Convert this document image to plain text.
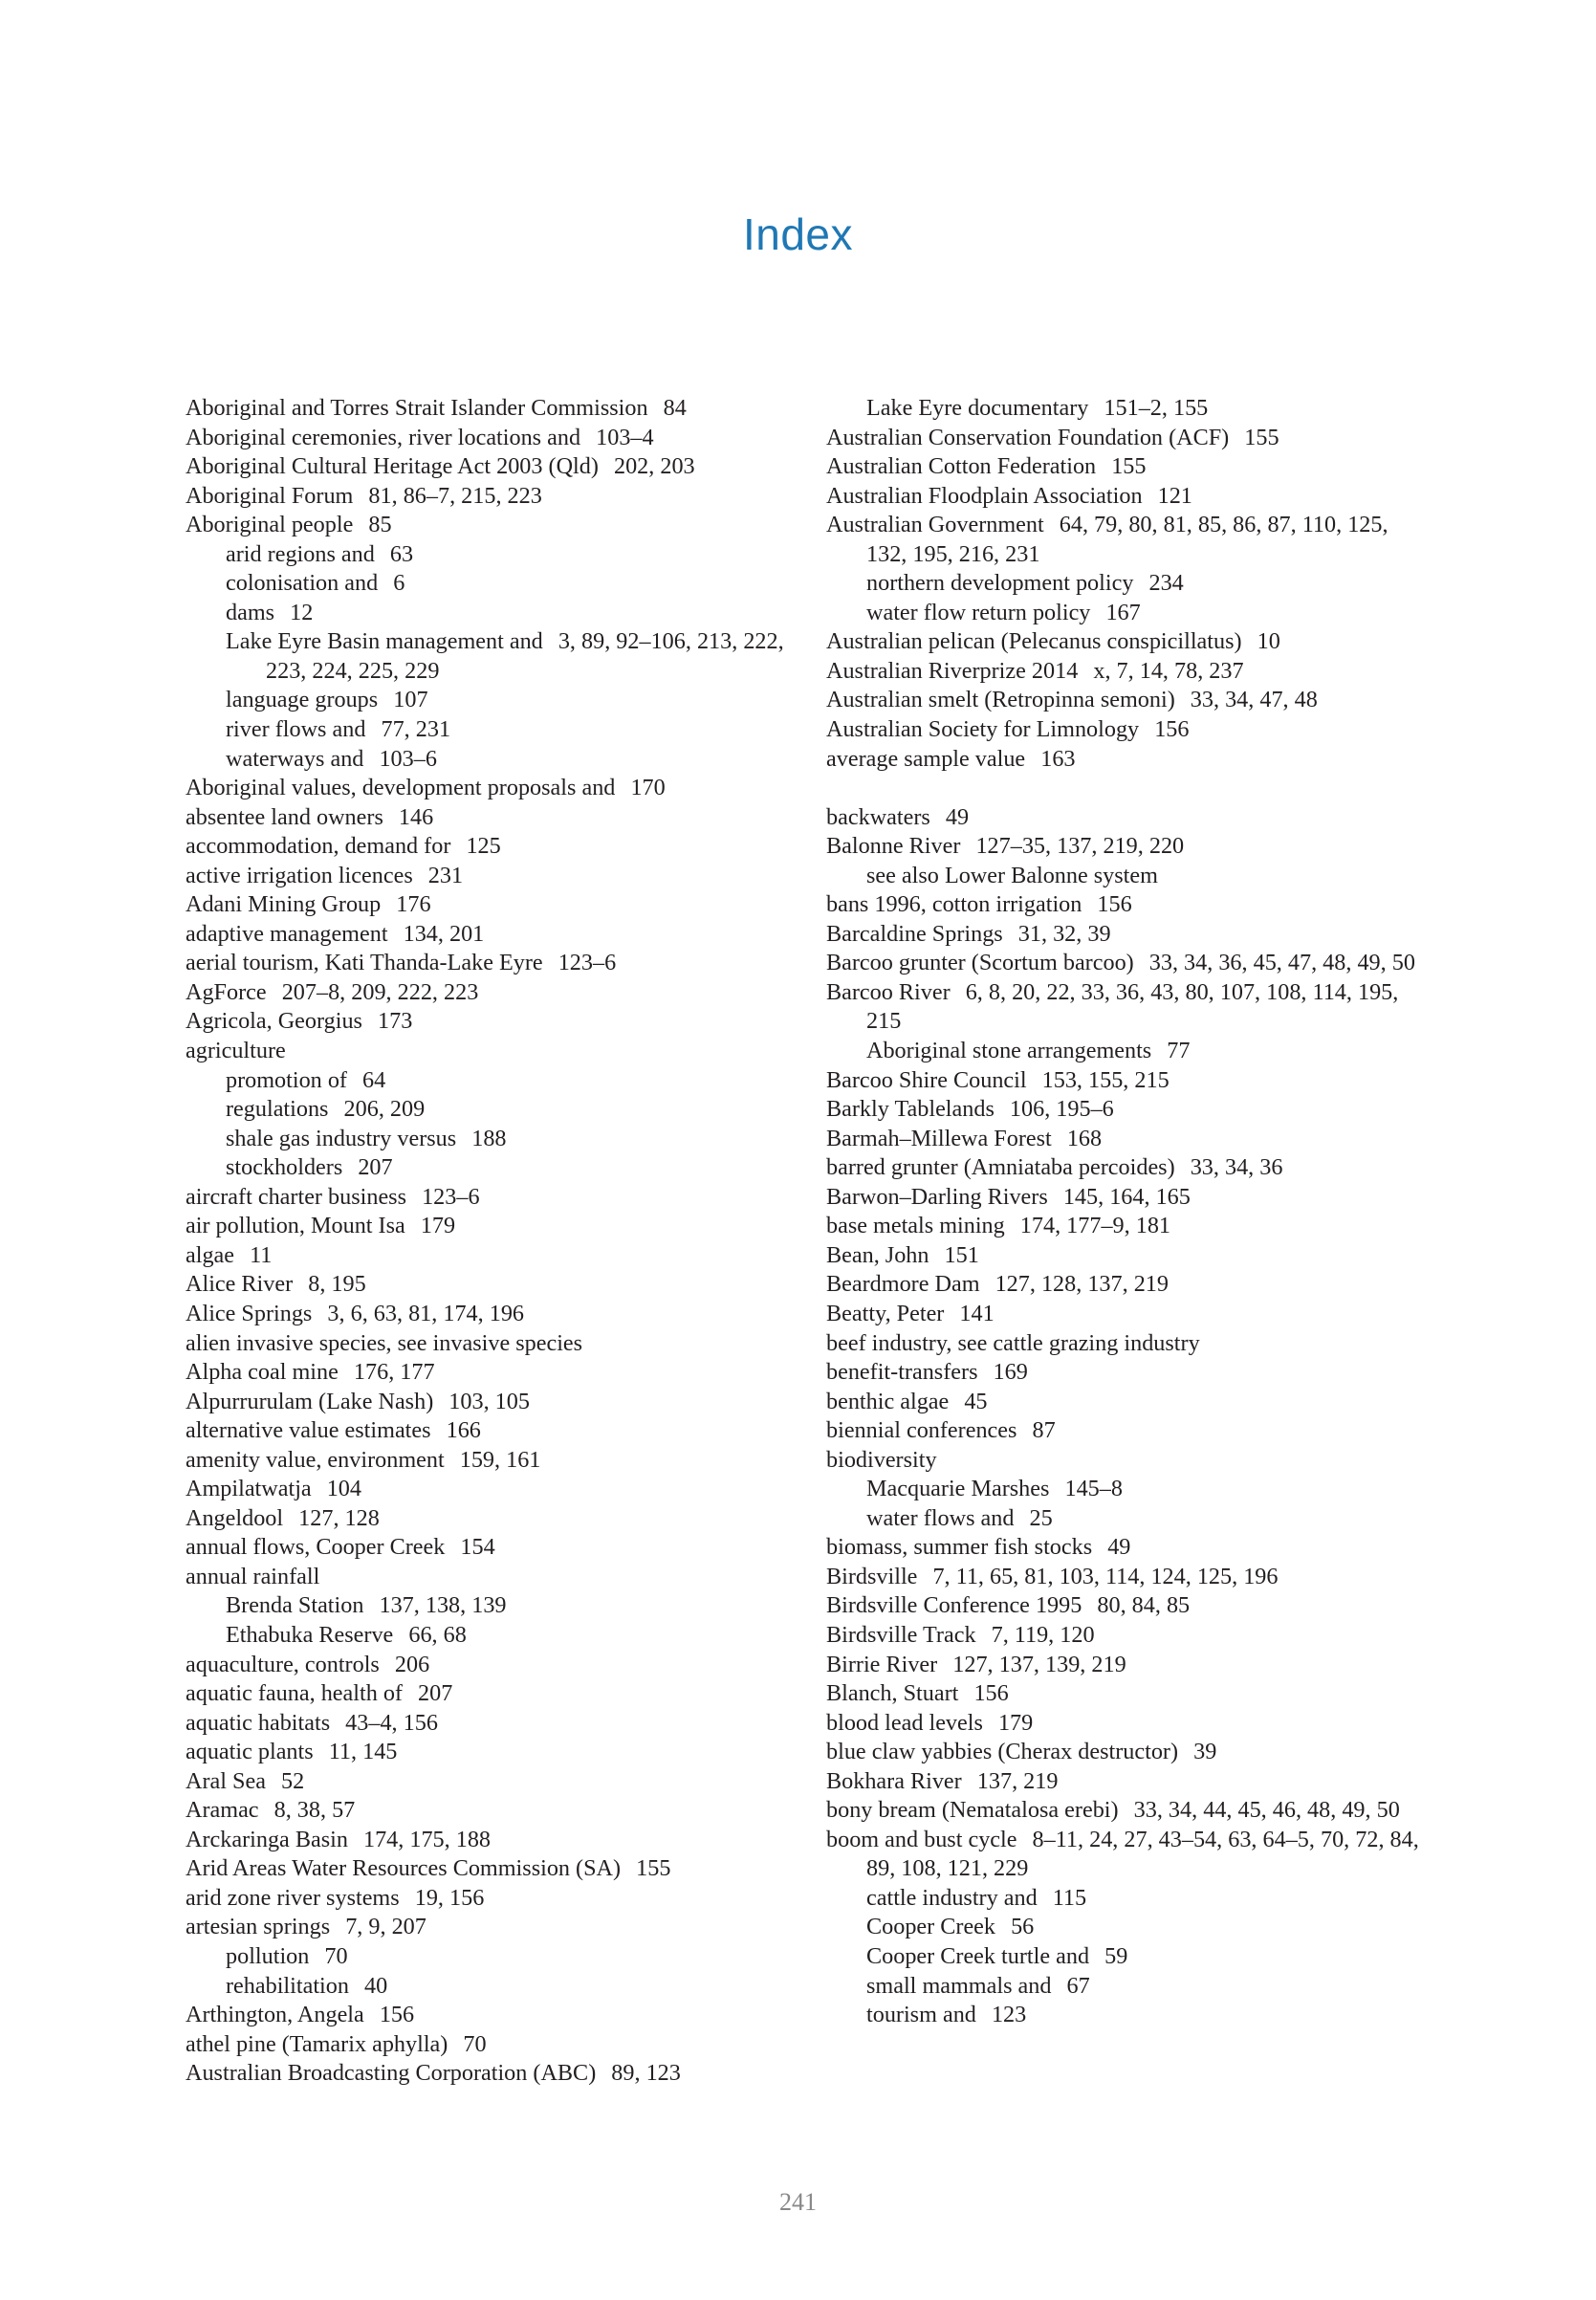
Index
Aboriginal and Torres Strait Islander Commission 84
Aboriginal ceremonies, river locations and 103–4
Aboriginal Cultural Heritage Act 2003 (Qld) 202, 203
Aboriginal Forum 81, 86–7, 215, 223
Aboriginal people 85
arid regions and 63
colonisation and 6
dams 12
Lake Eyre Basin management and 3, 89, 92–106, 213, 222, 223, 224, 225, 229
language groups 107
river flows and 77, 231
waterways and 103–6
Aboriginal values, development proposals and 170
absentee land owners 146
accommodation, demand for 125
active irrigation licences 231
Adani Mining Group 176
adaptive management 134, 201
aerial tourism, Kati Thanda-Lake Eyre 123–6
AgForce 207–8, 209, 222, 223
Agricola, Georgius 173
agriculture
promotion of 64
regulations 206, 209
shale gas industry versus 188
stockholders 207
aircraft charter business 123–6
air pollution, Mount Isa 179
algae 11
Alice River 8, 195
Alice Springs 3, 6, 63, 81, 174, 196
alien invasive species, see invasive species
Alpha coal mine 176, 177
Alpurrurulam (Lake Nash) 103, 105
alternative value estimates 166
amenity value, environment 159, 161
Ampilatwatja 104
Angeldool 127, 128
annual flows, Cooper Creek 154
annual rainfall
Brenda Station 137, 138, 139
Ethabuka Reserve 66, 68
aquaculture, controls 206
aquatic fauna, health of 207
aquatic habitats 43–4, 156
aquatic plants 11, 145
Aral Sea 52
Aramac 8, 38, 57
Arckaringa Basin 174, 175, 188
Arid Areas Water Resources Commission (SA) 155
arid zone river systems 19, 156
artesian springs 7, 9, 207
pollution 70
rehabilitation 40
Arthington, Angela 156
athel pine (Tamarix aphylla) 70
Australian Broadcasting Corporation (ABC) 89, 123
Lake Eyre documentary 151–2, 155
Australian Conservation Foundation (ACF) 155
Australian Cotton Federation 155
Australian Floodplain Association 121
Australian Government 64, 79, 80, 81, 85, 86, 87, 110, 125, 132, 195, 216, 231
northern development policy 234
water flow return policy 167
Australian pelican (Pelecanus conspicillatus) 10
Australian Riverprize 2014 x, 7, 14, 78, 237
Australian smelt (Retropinna semoni) 33, 34, 47, 48
Australian Society for Limnology 156
average sample value 163
backwaters 49
Balonne River 127–35, 137, 219, 220
see also Lower Balonne system
bans 1996, cotton irrigation 156
Barcaldine Springs 31, 32, 39
Barcoo grunter (Scortum barcoo) 33, 34, 36, 45, 47, 48, 49, 50
Barcoo River 6, 8, 20, 22, 33, 36, 43, 80, 107, 108, 114, 195, 215
Aboriginal stone arrangements 77
Barcoo Shire Council 153, 155, 215
Barkly Tablelands 106, 195–6
Barmah–Millewa Forest 168
barred grunter (Amniataba percoides) 33, 34, 36
Barwon–Darling Rivers 145, 164, 165
base metals mining 174, 177–9, 181
Bean, John 151
Beardmore Dam 127, 128, 137, 219
Beatty, Peter 141
beef industry, see cattle grazing industry
benefit-transfers 169
benthic algae 45
biennial conferences 87
biodiversity
Macquarie Marshes 145–8
water flows and 25
biomass, summer fish stocks 49
Birdsville 7, 11, 65, 81, 103, 114, 124, 125, 196
Birdsville Conference 1995 80, 84, 85
Birdsville Track 7, 119, 120
Birrie River 127, 137, 139, 219
Blanch, Stuart 156
blood lead levels 179
blue claw yabbies (Cherax destructor) 39
Bokhara River 137, 219
bony bream (Nematalosa erebi) 33, 34, 44, 45, 46, 48, 49, 50
boom and bust cycle 8–11, 24, 27, 43–54, 63, 64–5, 70, 72, 84, 89, 108, 121, 229
cattle industry and 115
Cooper Creek 56
Cooper Creek turtle and 59
small mammals and 67
tourism and 123
241
